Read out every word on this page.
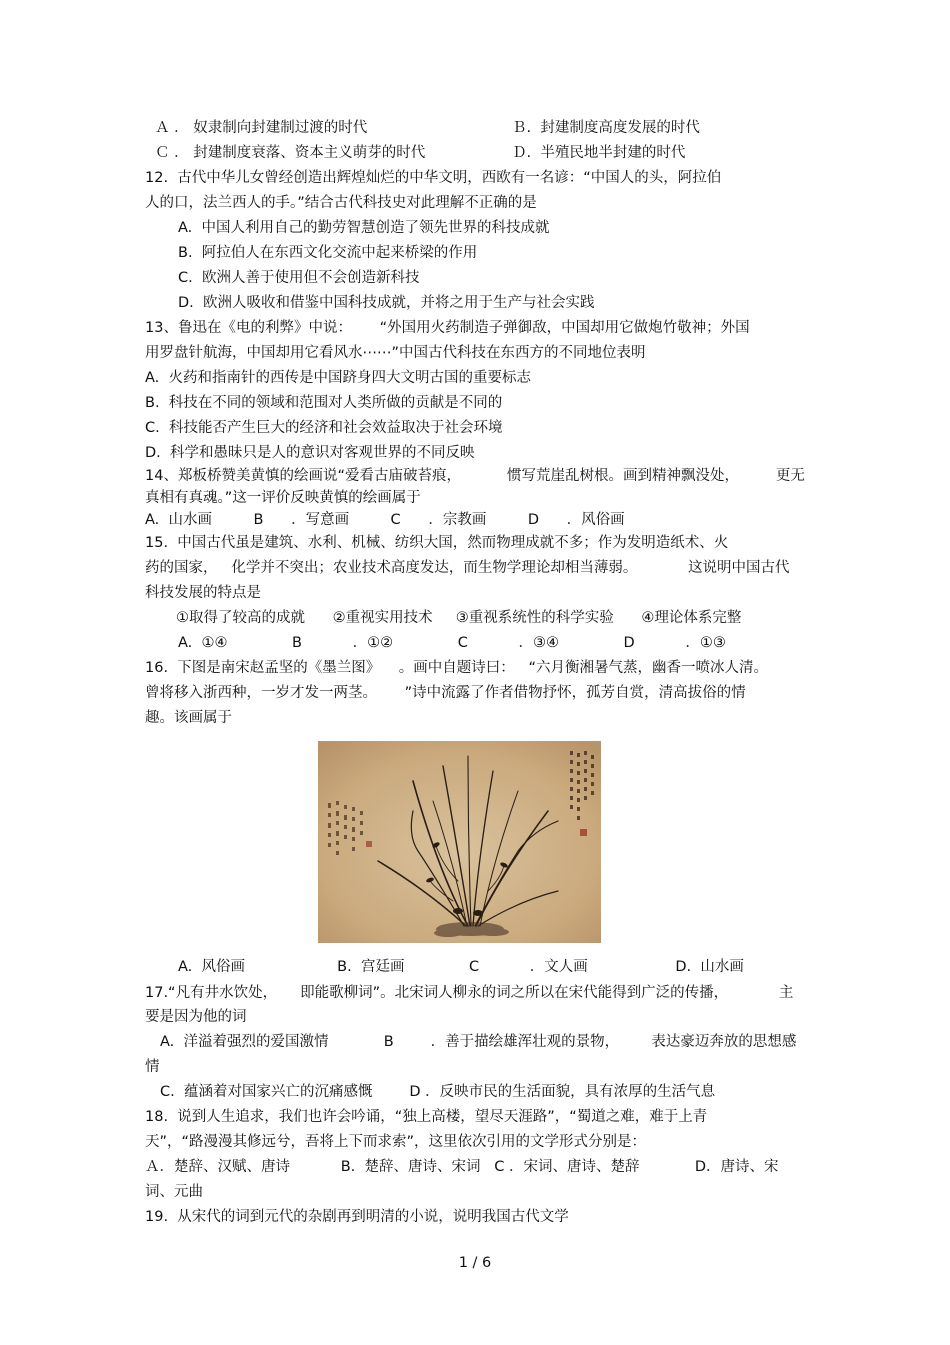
Ａ ． 奴隶制向封建制过渡的时代	Ｂ.  封建制度高度发展的时代
Ｃ ． 封建制度衰落、资本主义萌芽的时代	Ｄ.  半殖民地半封建的时代
12.  古代中华儿女曾经创造出辉煌灿烂的中华文明，西欧有一名谚：“中国人的头，阿拉伯
人的口，法兰西人的手。”结合古代科技史对此理解不正确的是
A.  中国人利用自己的勤劳智慧创造了领先世界的科技成就
B.  阿拉伯人在东西文化交流中起来桥梁的作用
C.  欧洲人善于使用但不会创造新科技
D.  欧洲人吸收和借鉴中国科技成就，并将之用于生产与社会实践
13、鲁迅在《电的利弊》中说：      “外国用火药制造子弹御敌，中国却用它做炮竹敬神；外国
用罗盘针航海，中国却用它看风水⋯⋯”中国古代科技在东西方的不同地位表明
A.  火药和指南针的西传是中国跻身四大文明古国的重要标志
B.  科技在不同的领域和范围对人类所做的贡献是不同的
C.  科技能否产生巨大的经济和社会效益取决于社会环境
D.  科学和愚昧只是人的意识对客观世界的不同反映
14、郑板桥赞美黄慎的绘画说“爱看古庙破苔痕，          惯写荒崖乱树根。画到精神飘没处，        更无
真相有真魂。”这一评价反映黄慎的绘画属于
A.  山水画         B      ．写意画         C      ．宗教画         D      ．风俗画
15.  中国古代虽是建筑、水利、机械、纺织大国，然而物理成就不多；作为发明造纸术、火
药的国家，   化学并不突出；农业技术高度发达，而生物学理论却相当薄弱。           这说明中国古代
科技发展的特点是
①取得了较高的成就      ②重视实用技术     ③重视系统性的科学实验      ④理论体系完整
A.  ①④              B           ．①②              C           ．③④              D           ．①③
16.  下图是南宋赵孟坚的《墨兰图》    。画中自题诗曰：   “六月衡湘暑气蒸，幽香一喷冰人清。
曾将移入浙西种，一岁才发一两茎。      ”诗中流露了作者借物抒怀，孤芳自赏，清高拔俗的情
趣。该画属于
A.  风俗画                    B.  宫廷画              C           ．文人画                   D.  山水画
17.“凡有井水饮处，     即能歌柳词”。北宋词人柳永的词之所以在宋代能得到广泛的传播，           主
要是因为他的词
A.  洋溢着强烈的爱国激情            B        ．善于描绘雄浑壮观的景物，       表达豪迈奔放的思想感
情
C.  蕴涵着对国家兴亡的沉痛感慨        D ．反映市民的生活面貌，具有浓厚的生活气息
18.  说到人生追求，我们也许会吟诵，“独上高楼，望尽天涯路”，“蜀道之难，难于上青
天”，“路漫漫其修远兮，吾将上下而求索”，这里依次引用的文学形式分别是：
Ａ．楚辞、汉赋、唐诗           B.  楚辞、唐诗、宋词   C ．宋词、唐诗、楚辞            D．唐诗、宋
词、元曲
19.  从宋代的词到元代的杂剧再到明清的小说，说明我国古代文学
1 / 6
